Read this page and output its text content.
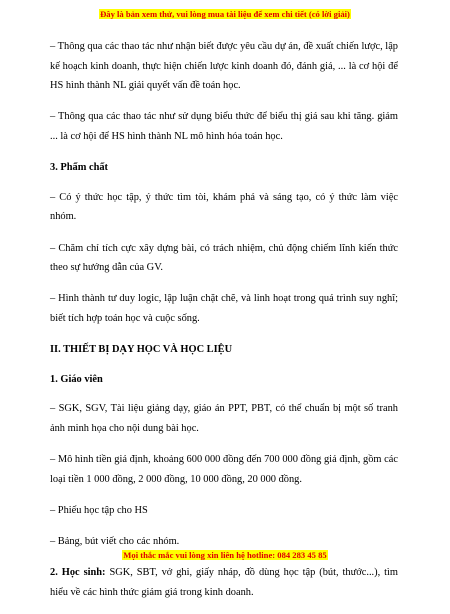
Đây là bản xem thử, vui lòng mua tài liệu để xem chi tiết (có lời giải)

– Thông qua các thao tác như nhận biết được yêu cầu dự án, đề xuất chiến lược, lập kế hoạch kinh doanh, thực hiện chiến lược kinh doanh đó, đánh giá, ... là cơ hội để HS hình thành NL giải quyết vấn đề toán học.

– Thông qua các thao tác như sử dụng biểu thức để biểu thị giá sau khi tăng. giảm ... là cơ hội để HS hình thành NL mô hình hóa toán học.

3. Phẩm chất

– Có ý thức học tập, ý thức tìm tòi, khám phá và sáng tạo, có ý thức làm việc nhóm.

– Chăm chỉ tích cực xây dựng bài, có trách nhiệm, chủ động chiếm lĩnh kiến thức theo sự hướng dẫn của GV.

– Hình thành tư duy logic, lập luận chặt chẽ, và linh hoạt trong quá trình suy nghĩ; biết tích hợp toán học và cuộc sống.

II. THIẾT BỊ DẠY HỌC VÀ HỌC LIỆU

1. Giáo viên

– SGK, SGV, Tài liệu giảng dạy, giáo án PPT, PBT, có thể chuẩn bị một số tranh ảnh minh họa cho nội dung bài học.

– Mô hình tiền giả định, khoảng 600 000 đồng đến 700 000 đồng giả định, gồm các loại tiền 1 000 đồng, 2 000 đồng, 10 000 đồng, 20 000 đồng.

– Phiếu học tập cho HS

– Bảng, bút viết cho các nhóm.

2. Học sinh: SGK, SBT, vở ghi, giấy nháp, đồ dùng học tập (bút, thước...), tìm hiểu về các hình thức giảm giá trong kinh doanh.

Mọi thắc mắc vui lòng xin liên hệ hotline: 084 283 45 85
